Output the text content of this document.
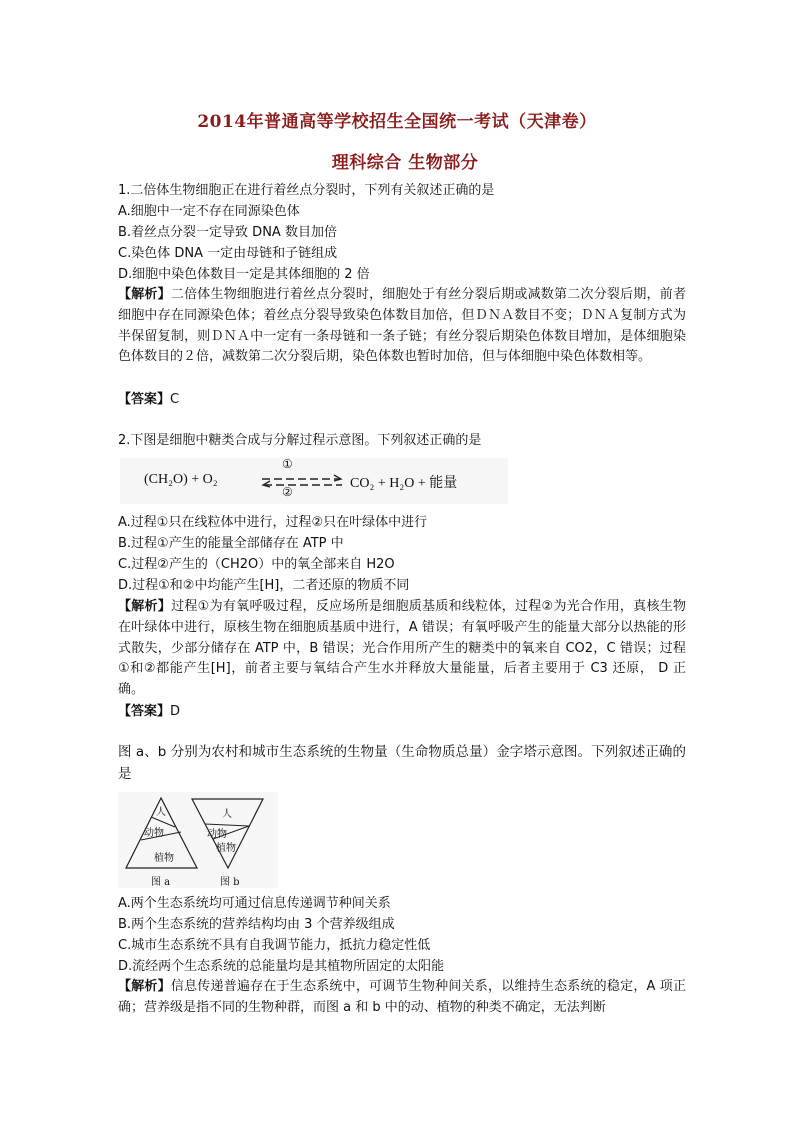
2014年普通高等学校招生全国统一考试（天津卷）
理科综合 生物部分
1.二倍体生物细胞正在进行着丝点分裂时，下列有关叙述正确的是
A.细胞中一定不存在同源染色体
B.着丝点分裂一定导致 DNA 数目加倍
C.染色体 DNA 一定由母链和子链组成
D.细胞中染色体数目一定是其体细胞的 2 倍
【解析】二倍体生物细胞进行着丝点分裂时，细胞处于有丝分裂后期或减数第二次分裂后期，前者细胞中存在同源染色体；着丝点分裂导致染色体数目加倍，但ＤＮＡ数目不变；ＤＮＡ复制方式为半保留复制，则ＤＮＡ中一定有一条母链和一条子链；有丝分裂后期染色体数目增加，是体细胞染色体数目的２倍，减数第二次分裂后期，染色体数也暂时加倍，但与体细胞中染色体数相等。
【答案】C
2.下图是细胞中糖类合成与分解过程示意图。下列叙述正确的是
(CH₂O) + O₂
①
②
CO₂ + H₂O + 能量
A.过程①只在线粒体中进行，过程②只在叶绿体中进行
B.过程①产生的能量全部储存在 ATP 中
C.过程②产生的（CH2O）中的氧全部来自 H2O
D.过程①和②中均能产生[H]，二者还原的物质不同
【解析】过程①为有氧呼吸过程，反应场所是细胞质基质和线粒体，过程②为光合作用，真核生物在叶绿体中进行，原核生物在细胞质基质中进行，A 错误；有氧呼吸产生的能量大部分以热能的形式散失，少部分储存在 ATP 中，B 错误；光合作用所产生的糖类中的氧来自 CO2，C 错误；过程①和②都能产生[H]，前者主要与氧结合产生水并释放大量能量，后者主要用于 C3 还原， D 正确。
【答案】D
图 a、b 分别为农村和城市生态系统的生物量（生命物质总量）金字塔示意图。下列叙述正确的是
人
动物
植物
图 a
人
动物
植物
图 b
A.两个生态系统均可通过信息传递调节种间关系
B.两个生态系统的营养结构均由 3 个营养级组成
C.城市生态系统不具有自我调节能力，抵抗力稳定性低
D.流经两个生态系统的总能量均是其植物所固定的太阳能
【解析】信息传递普遍存在于生态系统中，可调节生物种间关系，以维持生态系统的稳定，A 项正确；营养级是指不同的生物种群，而图 a 和 b 中的动、植物的种类不确定，无法判断
